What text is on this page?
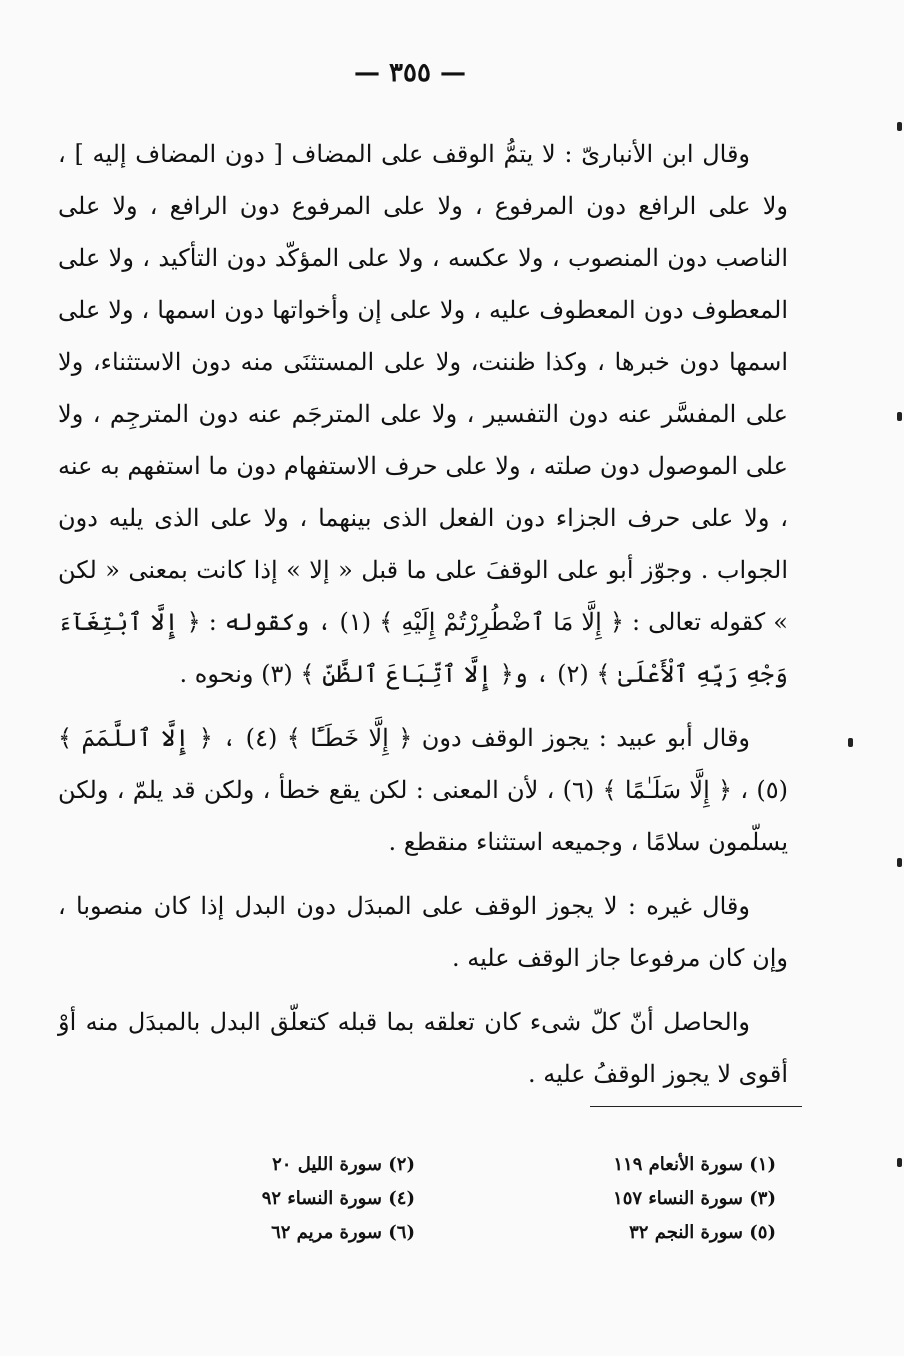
— ٣٥٥ —

وقال ابن الأنبارىّ : لا يتمُّ الوقف على المضاف [ دون المضاف إليه ] ، ولا على الرافع دون المرفوع ، ولا على المرفوع دون الرافع ، ولا على الناصب دون المنصوب ، ولا عكسه ، ولا على المؤكّد دون التأكيد ، ولا على المعطوف دون المعطوف عليه ، ولا على إن وأخواتها دون اسمها ، ولا على اسمها دون خبرها ، وكذا ظننت، ولا على المستثنَى منه دون الاستثناء، ولا على المفسَّر عنه دون التفسير ، ولا على المترجَم عنه دون المترجِم ، ولا على الموصول دون صلته ، ولا على حرف الاستفهام دون ما استفهم به عنه ، ولا على حرف الجزاء دون الفعل الذى بينهما ، ولا على الذى يليه دون الجواب . وجوّز أبو على الوقفَ على ما قبل « إلا » إذا كانت بمعنى « لكن » كقوله تعالى : ﴿ إِلَّا مَا ٱضْطُرِرْتُمْ إِلَيْهِ ﴾ (١) ، وكقوله : ﴿ إِلَّا ٱبْتِغَآءَ وَجْهِ رَبِّهِ ٱلْأَعْلَىٰ ﴾ (٢) ، و﴿ إِلَّا ٱتِّبَاعَ ٱلظَّنِّ ﴾ (٣) ونحوه .

وقال أبو عبيد : يجوز الوقف دون ﴿ إِلَّا خَطَـًٔا ﴾ (٤) ، ﴿ إِلَّا ٱللَّمَمَ ﴾ (٥) ، ﴿ إِلَّا سَلَـٰمًا ﴾ (٦) ، لأن المعنى : لكن يقع خطأ ، ولكن قد يلمّ ، ولكن يسلّمون سلامًا ، وجميعه استثناء منقطع .

وقال غيره : لا يجوز الوقف على المبدَل دون البدل إذا كان منصوبا ، وإن كان مرفوعا جاز الوقف عليه .

والحاصل أنّ كلّ شىء كان تعلقه بما قبله كتعلّق البدل بالمبدَل منه أوْ أقوى لا يجوز الوقفُ عليه .

(١) سورة الأنعام ١١٩
(٣) سورة النساء ١٥٧
(٥) سورة النجم ٣٢
(٢) سورة الليل ٢٠
(٤) سورة النساء ٩٢
(٦) سورة مريم ٦٢
